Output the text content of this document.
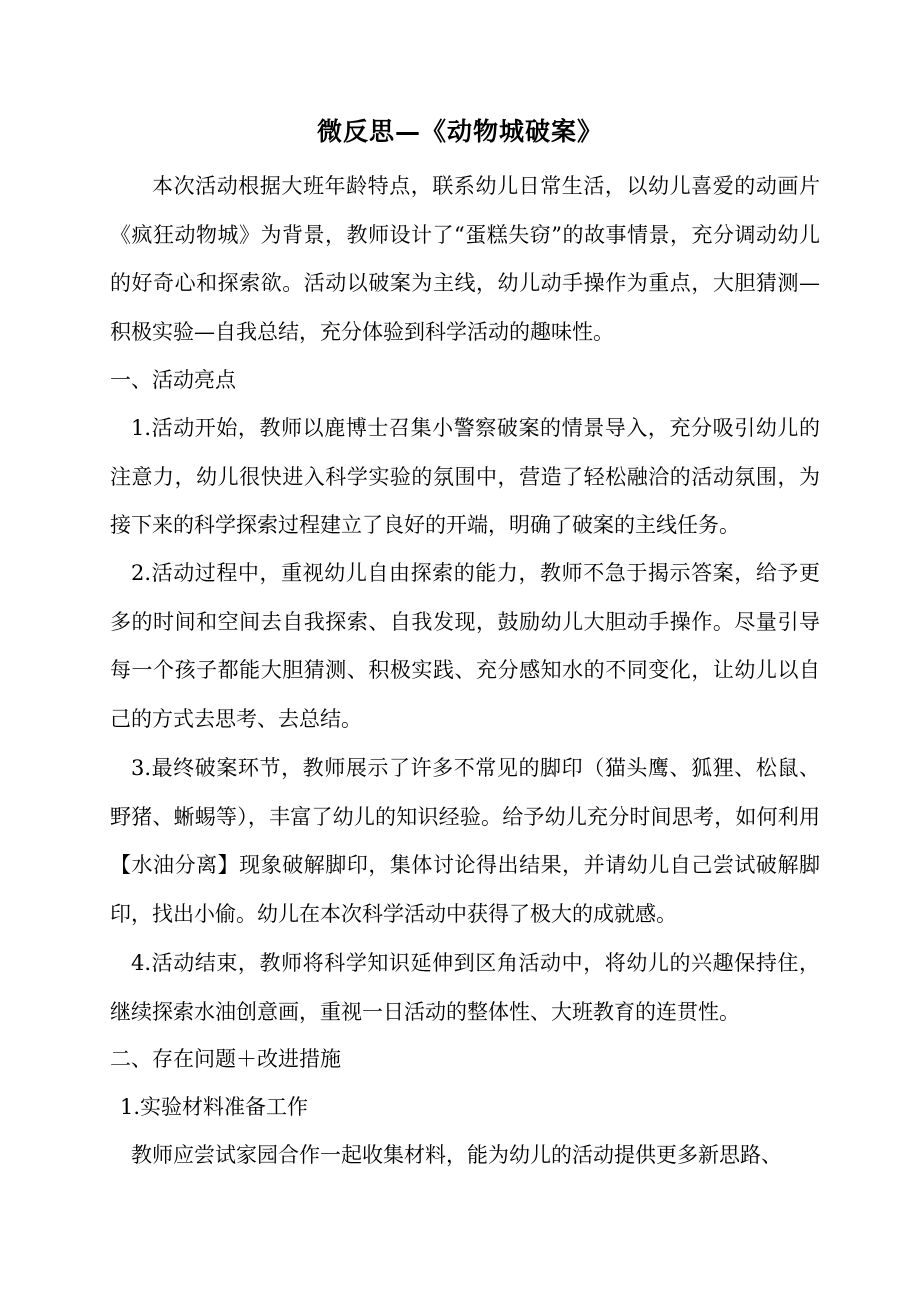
微反思—《动物城破案》

本次活动根据大班年龄特点，联系幼儿日常生活，以幼儿喜爱的动画片《疯狂动物城》为背景，教师设计了“蛋糕失窃”的故事情景，充分调动幼儿的好奇心和探索欲。活动以破案为主线，幼儿动手操作为重点，大胆猜测—积极实验—自我总结，充分体验到科学活动的趣味性。

一、活动亮点

1.活动开始，教师以鹿博士召集小警察破案的情景导入，充分吸引幼儿的注意力，幼儿很快进入科学实验的氛围中，营造了轻松融洽的活动氛围，为接下来的科学探索过程建立了良好的开端，明确了破案的主线任务。

2.活动过程中，重视幼儿自由探索的能力，教师不急于揭示答案，给予更多的时间和空间去自我探索、自我发现，鼓励幼儿大胆动手操作。尽量引导每一个孩子都能大胆猜测、积极实践、充分感知水的不同变化，让幼儿以自己的方式去思考、去总结。

3.最终破案环节，教师展示了许多不常见的脚印（猫头鹰、狐狸、松鼠、野猪、蜥蜴等），丰富了幼儿的知识经验。给予幼儿充分时间思考，如何利用【水油分离】现象破解脚印，集体讨论得出结果，并请幼儿自己尝试破解脚印，找出小偷。幼儿在本次科学活动中获得了极大的成就感。

4.活动结束，教师将科学知识延伸到区角活动中，将幼儿的兴趣保持住，继续探索水油创意画，重视一日活动的整体性、大班教育的连贯性。

二、存在问题＋改进措施

1.实验材料准备工作

教师应尝试家园合作一起收集材料，能为幼儿的活动提供更多新思路、
